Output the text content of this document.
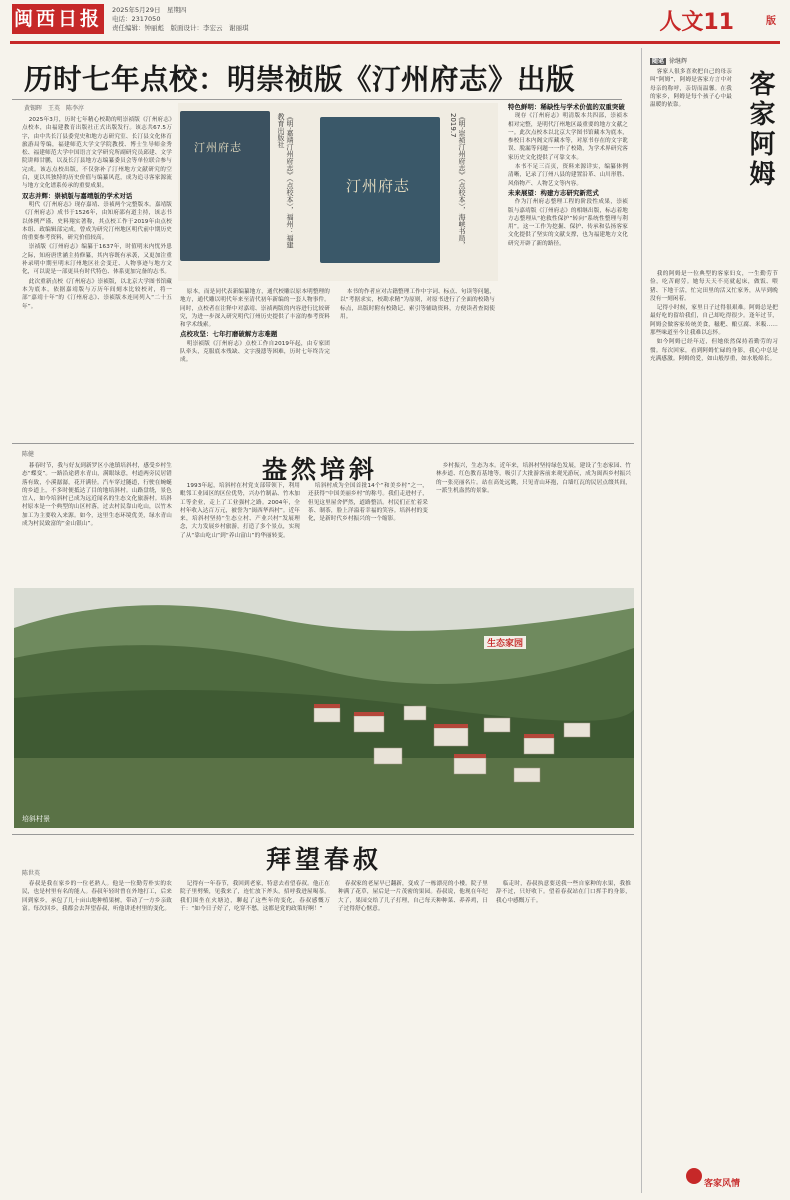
闽西日报	2025年5月29日　星期四
电话：2317050
责任编辑：钟丽彪　版面设计：李宏云　谢丽琪	人文11	版
历时七年点校：明崇祯版《汀州府志》出版
黄锡晖　王英　陈李淳

2025年3月，历时七年精心校勘的明崇祯版《汀州府志》点校本，由福建教育出版社正式出版发行。该志共67.5万字，由中共长汀县委党史和地方志研究室、长汀县文化体育旅游局等编，福建师范大学文学院教授、博士生导师金秀松、福建师范大学中国语言文学研究所副研究员邱建、文学院讲师甘鹏，以及长汀县地方志编纂委员会等单位联合参与完成。该志点校出版，不仅弥补了汀州地方文献研究的空白，更以其独特的历史价值与编纂风范，成为追寻客家源流与地方文化谱系传承的重要成果。

双志并辉：崇祯版与嘉靖版的学术对话

明代《汀州府志》现存嘉靖、崇祯两个完整版本。嘉靖版《汀州府志》成书于1526年，由知府邵有道主持，该志书以体例严谨、史料翔实著称，其点校工作于2019年由点校本组、政编辑部完成，曾成为研究汀州地区明代前中期历史的重要参考资料，研究价值较高。

崇祯版《汀州府志》编纂于1637年，时值明末内忧外患之际，知府唐世涵主持修纂，其内容既有承袭，又更加注重补录明中期至明末汀州地区社会变迁、人物事迹与地方文化，可以说是一部更具有时代特色、体系更加完备的志书。

此次重新点校《汀州府志》崇祯版，以北京大学图书馆藏本为底本，依据嘉靖版与万历年间刻本比较校对，将一部“嘉靖十年”的《汀州府志》、崇祯版本连同列入“二十五年”。

汀州府志	《明·嘉靖汀州府志》（点校本），福州：福建教育出版社
汀州府志	《明·崇祯汀州府志》（点校本），海峡书局，2019.7

原本，而是同代表新编纂地方，通代校雕以原本明整理的地方，通代雕以明代年来至清代初年新编的一套人物事件。同时，点校者在注释中对嘉靖、崇祯两版的内容进行比较研究，为进一步深入研究明代汀州历史提供了丰富的参考资料和学术线索。

点校攻坚：七年打磨破解方志难题

明崇祯版《汀州府志》点校工作自2019年起，由专家团队牵头，克服底本残缺、文字漫漶等困难，历时七年终告完成。

本书的作者应对古籍整理工作中字词、标点、句读等问题，以“考据求实，校勘求精”为原则，对原书进行了全面的校勘与标点，出版时附有校勘记、索引等辅助资料，方便读者查阅使用。

特色鲜明：稀缺性与学术价值的双重突破

现存《汀州府志》明清版本共四部，崇祯本相对完整，是明代汀州地区最重要的地方文献之一。此次点校本以北京大学图书馆藏本为底本，参校日本内阁文库藏本等，对原书存在的文字讹误、脱漏等问题一一作了校勘，为学术界研究客家历史文化提供了可靠文本。

本书不足三百页，资料来源详实，编纂体例清晰，记录了汀州八县的建置沿革、山川形胜、风俗物产、人物艺文等内容。

未来展望：构建方志研究新范式

作为汀州府志整理工程的阶段性成果，崇祯版与嘉靖版《汀州府志》的相继出版，标志着地方志整理从“抢救性保护”转向“系统性整理与利用”。这一工作为挖掘、保护、传承和弘扬客家文化提供了坚实的文献支撑，也为福建地方文化研究开辟了新的路径。

陈健
盎然培斜

暮春时节，我与好友到新罗区小池镇培斜村，感受乡村生态“蝶变”。一路沿途碧水青山，满眼绿意，村道两旁民居错落有致，小溪潺潺，花开满径。汽车穿过隧道，行驶在蜿蜒的乡道上，不多时便抵达了目的地培斜村。山路盘绕，景色宜人，如今培斜村已成为远近闻名的生态文化旅游村。培斜村原本是一个典型的山区村落，过去村民靠山吃山，以竹木加工为主要收入来源。如今，这里生态环境优美，绿水青山成为村民致富的“金山银山”。

1993年起，培斜村在村党支部带领下，利用毗邻工业园区的区位优势，兴办竹制品、竹木加工等企业，走上了工业强村之路。2004年，全村年收入达百万元，被誉为“闽西华西村”。近年来，培斜村坚持“生态立村、产业兴村”发展理念，大力发展乡村旅游，打造了多个景点，实现了从“靠山吃山”到“养山富山”的华丽转变。

培斜村成为全国首批14个“和美乡村”之一，还获得“中国美丽乡村”的称号。我们走进村子，但见这里屋舍俨然，道路整洁。村民们正忙着采茶、制茶，脸上洋溢着幸福的笑容。培斜村的变化，是新时代乡村振兴的一个缩影。

乡村振兴，生态为本。近年来，培斜村坚持绿色发展，建设了生态家园、竹林步道、红色教育基地等，吸引了大批游客前来观光游玩，成为闽西乡村振兴的一张亮丽名片。站在高处远眺，只见青山环抱，白墙红瓦的民居点缀其间，一派生机盎然的景象。

培斜村景
生态家园
拜望春叔
陈世英

春叔是我在家乡的一位老熟人。他是一位勤劳朴实的农民，也是村里有名的能人。春叔年轻时曾在外地打工，后来回到家乡，承包了几十亩山地种植果树，带动了一方乡亲致富。每次回乡，我都会去拜望春叔，听他讲述村里的变化。

记得有一年春节，我回到老家，特意去看望春叔。他正在院子里劈柴，见我来了，连忙放下斧头，招呼我进屋喝茶。我们围坐在火塘边，聊起了这些年的变化，春叔感慨万千：“如今日子好了，吃穿不愁，这都是党的政策好啊！”

春叔家的老屋早已翻新，变成了一栋漂亮的小楼。院子里种满了花草，屋后是一片茂密的果园。春叔说，他现在年纪大了，果园交给了儿子打理，自己每天种种菜、养养鸡，日子过得舒心惬意。

临走时，春叔执意要送我一些自家种的水果，我推辞不过，只好收下。望着春叔站在门口挥手的身影，我心中感慨万千。

随笔 徐继辉
客家阿姆

客家人很多喜欢把自己的母亲叫“阿姆”，阿姆是客家方言中对母亲的称呼，亲切而温馨。在我的家乡，阿姆是每个孩子心中最温暖的依靠。

我的阿姆是一位典型的客家妇女，一生勤劳节俭，吃苦耐劳。她每天天不亮就起床，做饭、喂猪、下地干活，忙完田里的活又忙家务，从早到晚没有一刻闲着。

记得小时候，家里日子过得很艰难。阿姆总是把最好吃的留给我们，自己却吃得很少。逢年过节，阿姆会做客家传统美食，糍粑、酿豆腐、米粄……那些味道至今让我难以忘怀。

如今阿姆已经年迈，但她依然保持着勤劳的习惯。每次回家，看到阿姆忙碌的身影，我心中总是充满感激。阿姆的爱，如山般厚重，如水般绵长。

客家风情
